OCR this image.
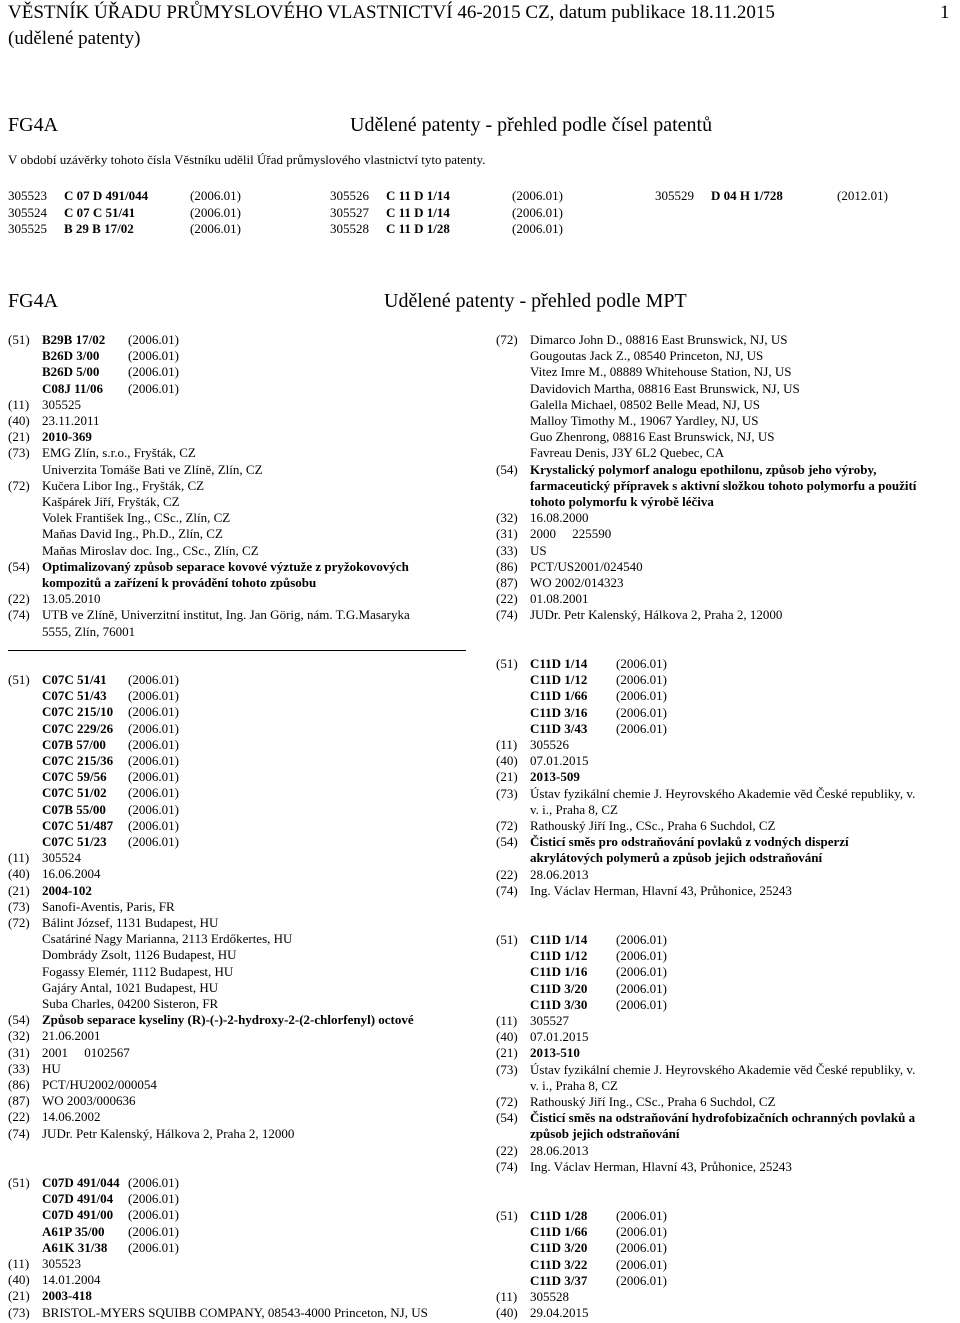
VĚSTNÍK ÚŘADU PRŮMYSLOVÉHO VLASTNICTVÍ 46-2015 CZ, datum publikace 18.11.2015
(udělené patenty)
1
FG4A	Udělené patenty - přehled podle čísel patentů
V období uzávěrky tohoto čísla Věstníku udělil Úřad průmyslového vlastnictví tyto patenty.
305523 C 07 D 491/044	(2006.01)	305526 C 11 D 1/14	(2006.01)	305529 D 04 H 1/728	(2012.01)
305524 C 07 C 51/41	(2006.01)	305527 C 11 D 1/14	(2006.01)
305525 B 29 B 17/02	(2006.01)	305528 C 11 D 1/28	(2006.01)
FG4A	Udělené patenty - přehled podle MPT
(51) B29B 17/02	(2006.01)
B26D 3/00	(2006.01)
B26D 5/00	(2006.01)
C08J 11/06	(2006.01)
(11) 305525
(40) 23.11.2011
(21) 2010-369
(73) EMG Zlín, s.r.o., Fryšták, CZ
Univerzita Tomáše Bati ve Zlíně, Zlín, CZ
(72) Kučera Libor Ing., Fryšták, CZ
Kašpárek Jiří, Fryšták, CZ
Volek František Ing., CSc., Zlín, CZ
Maňas David Ing., Ph.D., Zlín, CZ
Maňas Miroslav doc. Ing., CSc., Zlín, CZ
(54) Optimalizovaný způsob separace kovové výztuže z pryžokovových
kompozitů a zařízení k provádění tohoto způsobu
(22) 13.05.2010
(74) UTB ve Zlíně, Univerzitní institut, Ing. Jan Görig, nám. T.G.Masaryka
5555, Zlín, 76001
(51) C07C 51/41	(2006.01)
C07C 51/43	(2006.01)
C07C 215/10	(2006.01)
C07C 229/26	(2006.01)
C07B 57/00	(2006.01)
C07C 215/36	(2006.01)
C07C 59/56	(2006.01)
C07C 51/02	(2006.01)
C07B 55/00	(2006.01)
C07C 51/487	(2006.01)
C07C 51/23	(2006.01)
(11) 305524
(40) 16.06.2004
(21) 2004-102
(73) Sanofi-Aventis, Paris, FR
(72) Bálint József, 1131 Budapest, HU
Csatáriné Nagy Marianna, 2113 Erdőkertes, HU
Dombrády Zsolt, 1126 Budapest, HU
Fogassy Elemér, 1112 Budapest, HU
Gajáry Antal, 1021 Budapest, HU
Suba Charles, 04200 Sisteron, FR
(54) Způsob separace kyseliny (R)-(-)-2-hydroxy-2-(2-chlorfenyl) octové
(32) 21.06.2001
(31) 2001     0102567
(33) HU
(86) PCT/HU2002/000054
(87) WO 2003/000636
(22) 14.06.2002
(74) JUDr. Petr Kalenský, Hálkova 2, Praha 2, 12000
(51) C07D 491/044 (2006.01)
C07D 491/04	(2006.01)
C07D 491/00	(2006.01)
A61P 35/00	(2006.01)
A61K 31/38	(2006.01)
(11) 305523
(40) 14.01.2004
(21) 2003-418
(73) BRISTOL-MYERS SQUIBB COMPANY, 08543-4000 Princeton, NJ, US
(72) Dimarco John D., 08816 East Brunswick, NJ, US
Gougoutas Jack Z., 08540 Princeton, NJ, US
Vitez Imre M., 08889 Whitehouse Station, NJ, US
Davidovich Martha, 08816 East Brunswick, NJ, US
Galella Michael, 08502 Belle Mead, NJ, US
Malloy Timothy M., 19067 Yardley, NJ, US
Guo Zhenrong, 08816 East Brunswick, NJ, US
Favreau Denis, J3Y 6L2 Quebec, CA
(54) Krystalický polymorf analogu epothilonu, způsob jeho výroby,
farmaceutický přípravek s aktivní složkou tohoto polymorfu a použití
tohoto polymorfu k výrobě léčiva
(32) 16.08.2000
(31) 2000     225590
(33) US
(86) PCT/US2001/024540
(87) WO 2002/014323
(22) 01.08.2001
(74) JUDr. Petr Kalenský, Hálkova 2, Praha 2, 12000
(51) C11D 1/14	(2006.01)
C11D 1/12	(2006.01)
C11D 1/66	(2006.01)
C11D 3/16	(2006.01)
C11D 3/43	(2006.01)
(11) 305526
(40) 07.01.2015
(21) 2013-509
(73) Ústav fyzikální chemie J. Heyrovského Akademie věd České republiky, v.
v. i., Praha 8, CZ
(72) Rathouský Jiří Ing., CSc., Praha 6 Suchdol, CZ
(54) Čisticí směs pro odstraňování povlaků z vodných disperzí
akrylátových polymerů a způsob jejich odstraňování
(22) 28.06.2013
(74) Ing. Václav Herman, Hlavní 43, Průhonice, 25243
(51) C11D 1/14	(2006.01)
C11D 1/12	(2006.01)
C11D 1/16	(2006.01)
C11D 3/20	(2006.01)
C11D 3/30	(2006.01)
(11) 305527
(40) 07.01.2015
(21) 2013-510
(73) Ústav fyzikální chemie J. Heyrovského Akademie věd České republiky, v.
v. i., Praha 8, CZ
(72) Rathouský Jiří Ing., CSc., Praha 6 Suchdol, CZ
(54) Čisticí směs na odstraňování hydrofobizačních ochranných povlaků a
způsob jejich odstraňování
(22) 28.06.2013
(74) Ing. Václav Herman, Hlavní 43, Průhonice, 25243
(51) C11D 1/28	(2006.01)
C11D 1/66	(2006.01)
C11D 3/20	(2006.01)
C11D 3/22	(2006.01)
C11D 3/37	(2006.01)
(11) 305528
(40) 29.04.2015
